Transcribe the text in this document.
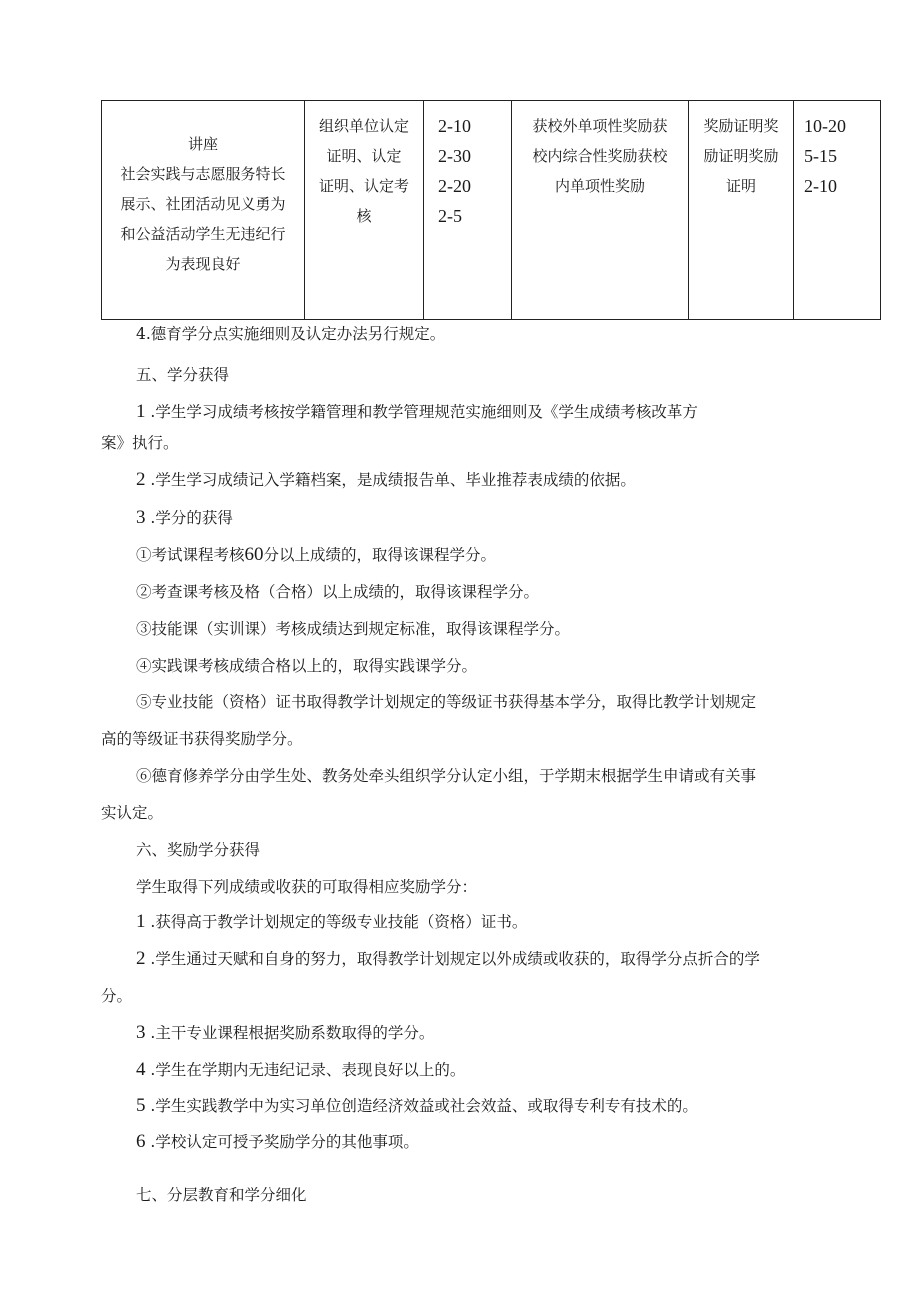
讲座
社会实践与志愿服务特长
展示、社团活动见义勇为
和公益活动学生无违纪行
为表现良好

组织单位认定
证明、认定
证明、认定考
核

2-10
2-30
2-20
2-5

获校外单项性奖励获
校内综合性奖励获校
内单项性奖励

奖励证明奖
励证明奖励
证明

10-20
5-15
2-10
4.德育学分点实施细则及认定办法另行规定。
五、学分获得
1 .学生学习成绩考核按学籍管理和教学管理规范实施细则及《学生成绩考核改革方
案》执行。
2 .学生学习成绩记入学籍档案，是成绩报告单、毕业推荐表成绩的依据。
3 .学分的获得
①考试课程考核60分以上成绩的，取得该课程学分。
②考查课考核及格（合格）以上成绩的，取得该课程学分。
③技能课（实训课）考核成绩达到规定标准，取得该课程学分。
④实践课考核成绩合格以上的，取得实践课学分。
⑤专业技能（资格）证书取得教学计划规定的等级证书获得基本学分，取得比教学计划规定
高的等级证书获得奖励学分。
⑥德育修养学分由学生处、教务处牵头组织学分认定小组，于学期末根据学生申请或有关事
实认定。
六、奖励学分获得
学生取得下列成绩或收获的可取得相应奖励学分：
1 .获得高于教学计划规定的等级专业技能（资格）证书。
2 .学生通过天赋和自身的努力，取得教学计划规定以外成绩或收获的，取得学分点折合的学
分。
3 .主干专业课程根据奖励系数取得的学分。
4 .学生在学期内无违纪记录、表现良好以上的。
5 .学生实践教学中为实习单位创造经济效益或社会效益、或取得专利专有技术的。
6 .学校认定可授予奖励学分的其他事项。
七、分层教育和学分细化
